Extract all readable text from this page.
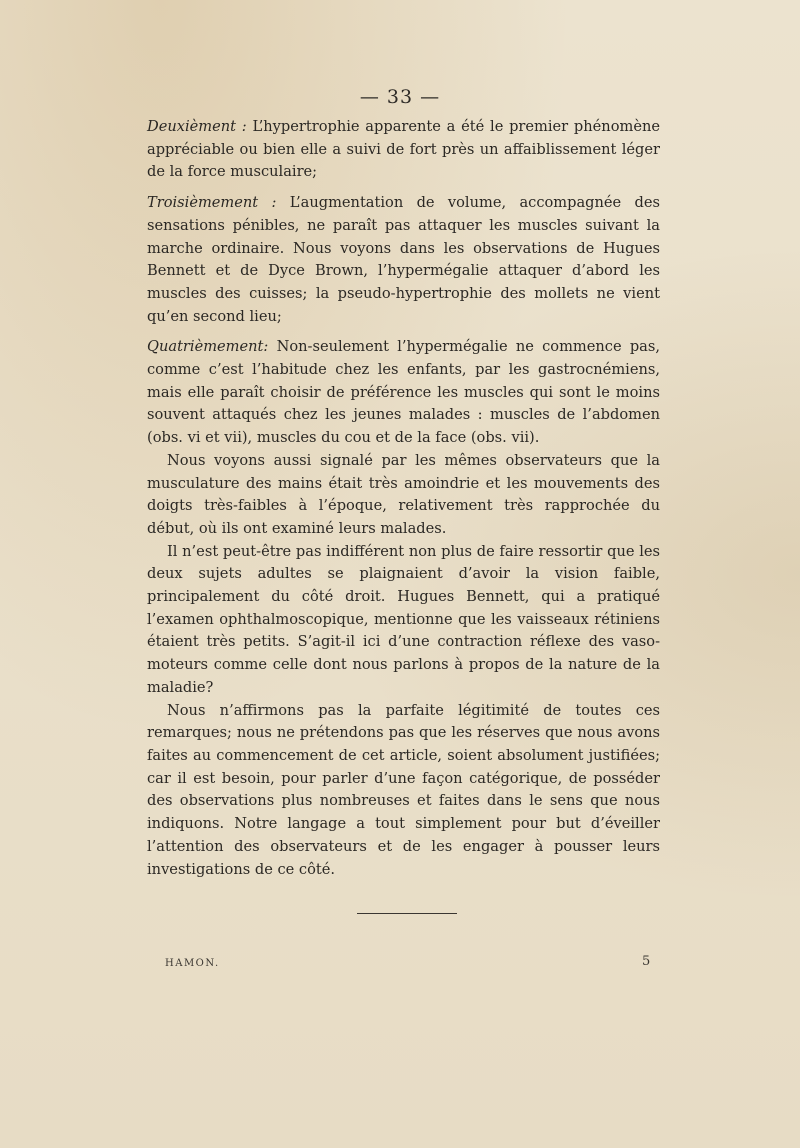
— 33 —

Deuxièment : L’hypertrophie apparente a été le premier phénomène appréciable ou bien elle a suivi de fort près un affaiblissement léger de la force musculaire;

Troisièmement : L’augmentation de volume, accompagnée des sensations pénibles, ne paraît pas attaquer les muscles suivant la marche ordinaire. Nous voyons dans les observations de Hugues Bennett et de Dyce Brown, l’hypermégalie attaquer d’abord les muscles des cuisses; la pseudo-hypertrophie des mollets ne vient qu’en second lieu;

Quatrièmement: Non-seulement l’hypermégalie ne commence pas, comme c’est l’habitude chez les enfants, par les gastrocnémiens, mais elle paraît choisir de préférence les muscles qui sont le moins souvent attaqués chez les jeunes malades : muscles de l’abdomen (obs. vi et vii), muscles du cou et de la face (obs. vii).

Nous voyons aussi signalé par les mêmes observateurs que la musculature des mains était très amoindrie et les mouvements des doigts très-faibles à l’époque, relativement très rapprochée du début, où ils ont examiné leurs malades.

Il n’est peut-être pas indifférent non plus de faire ressortir que les deux sujets adultes se plaignaient d’avoir la vision faible, principalement du côté droit. Hugues Bennett, qui a pratiqué l’examen ophthalmoscopique, mentionne que les vaisseaux rétiniens étaient très petits. S’agit-il ici d’une contraction réflexe des vaso-moteurs comme celle dont nous parlons à propos de la nature de la maladie?

Nous n’affirmons pas la parfaite légitimité de toutes ces remarques; nous ne prétendons pas que les réserves que nous avons faites au commencement de cet article, soient absolument justifiées; car il est besoin, pour parler d’une façon catégorique, de posséder des observations plus nombreuses et faites dans le sens que nous indiquons. Notre langage a tout simplement pour but d’éveiller l’attention des observateurs et de les engager à pousser leurs investigations de ce côté.

HAMON.	5
